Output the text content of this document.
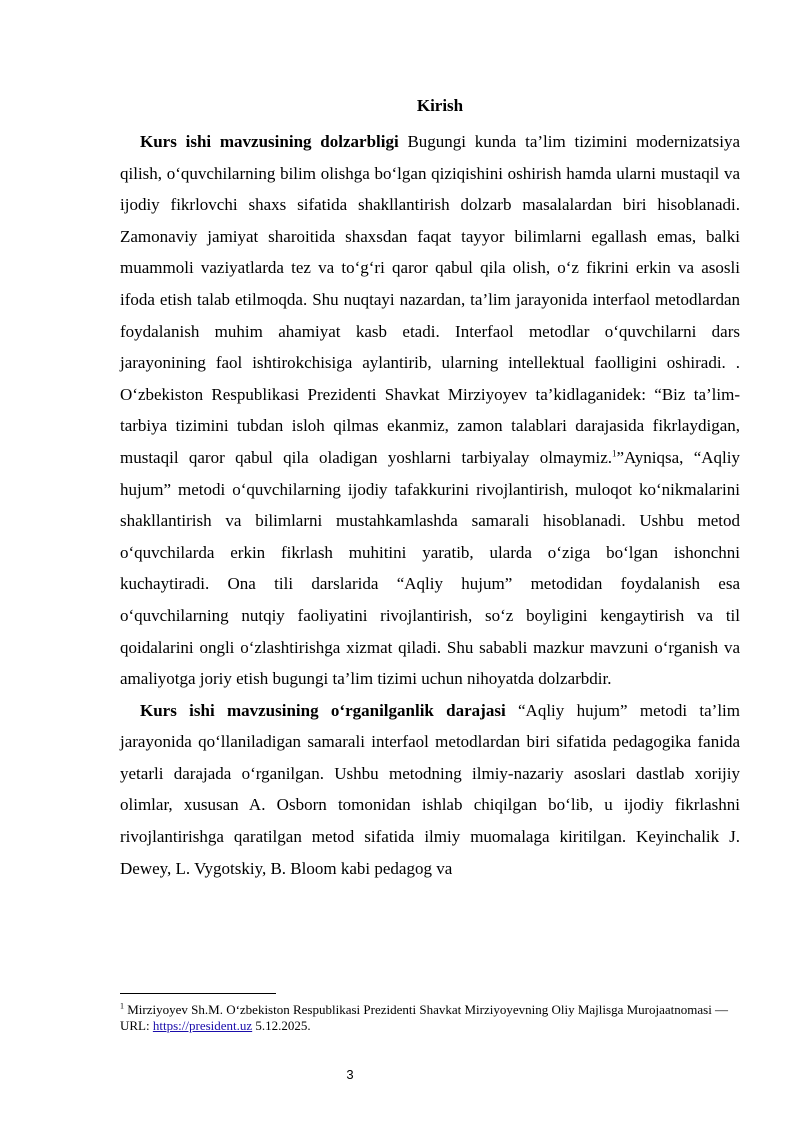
Kirish

Kurs ishi mavzusining dolzarbligi Bugungi kunda ta’lim tizimini modernizatsiya qilish, o‘quvchilarning bilim olishga bo‘lgan qiziqishini oshirish hamda ularni mustaqil va ijodiy fikrlovchi shaxs sifatida shakllantirish dolzarb masalalardan biri hisoblanadi. Zamonaviy jamiyat sharoitida shaxsdan faqat tayyor bilimlarni egallash emas, balki muammoli vaziyatlarda tez va to‘g‘ri qaror qabul qila olish, o‘z fikrini erkin va asosli ifoda etish talab etilmoqda. Shu nuqtayi nazardan, ta’lim jarayonida interfaol metodlardan foydalanish muhim ahamiyat kasb etadi. Interfaol metodlar o‘quvchilarni dars jarayonining faol ishtirokchisiga aylantirib, ularning intellektual faolligini oshiradi. . O‘zbekiston Respublikasi Prezidenti Shavkat Mirziyoyev ta’kidlaganidek: “Biz ta’lim-tarbiya tizimini tubdan isloh qilmas ekanmiz, zamon talablari darajasida fikrlaydigan, mustaqil qaror qabul qila oladigan yoshlarni tarbiyalay olmaymiz.$^1$”Ayniqsa, “Aqliy hujum” metodi o‘quvchilarning ijodiy tafakkurini rivojlantirish, muloqot ko‘nikmalarini shakllantirish va bilimlarni mustahkamlashda samarali hisoblanadi. Ushbu metod o‘quvchilarda erkin fikrlash muhitini yaratib, ularda o‘ziga bo‘lgan ishonchni kuchaytiradi. Ona tili darslarida “Aqliy hujum” metodidan foydalanish esa o‘quvchilarning nutqiy faoliyatini rivojlantirish, so‘z boyligini kengaytirish va til qoidalarini ongli o‘zlashtirishga xizmat qiladi. Shu sababli mazkur mavzuni o‘rganish va amaliyotga joriy etish bugungi ta’lim tizimi uchun nihoyatda dolzarbdir.

Kurs ishi mavzusining o‘rganilganlik darajasi “Aqliy hujum” metodi ta’lim jarayonida qo‘llaniladigan samarali interfaol metodlardan biri sifatida pedagogika fanida yetarli darajada o‘rganilgan. Ushbu metodning ilmiy-nazariy asoslari dastlab xorijiy olimlar, xususan A. Osborn tomonidan ishlab chiqilgan bo‘lib, u ijodiy fikrlashni rivojlantirishga qaratilgan metod sifatida ilmiy muomalaga kiritilgan. Keyinchalik J. Dewey, L. Vygotskiy, B. Bloom kabi pedagog va

$^1$ Mirziyoyev Sh.M. O‘zbekiston Respublikasi Prezidenti Shavkat Mirziyoyevning Oliy Majlisga Murojaatnomasi — URL: https://president.uz 5.12.2025.
3
